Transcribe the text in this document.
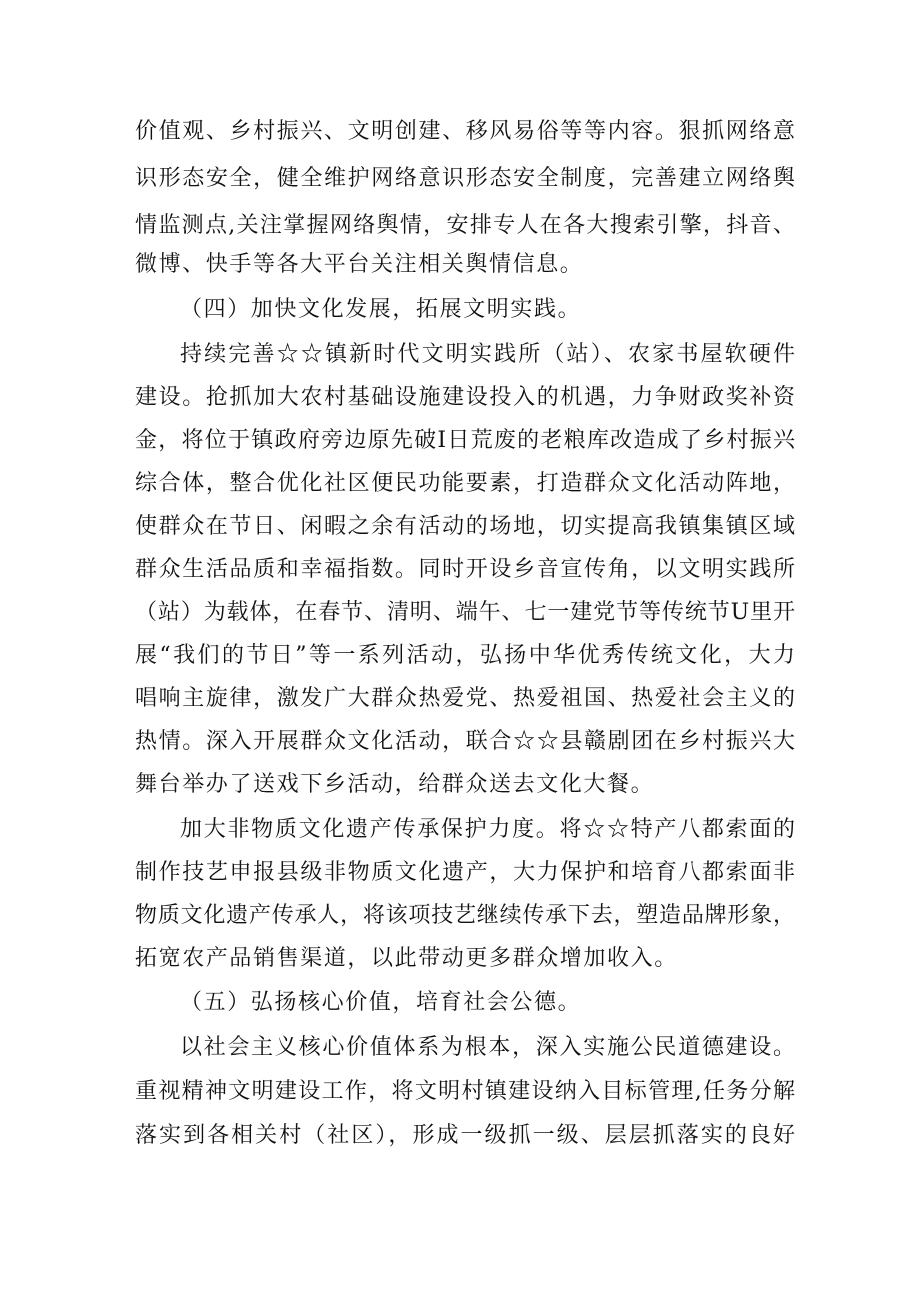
价值观、乡村振兴、文明创建、移风易俗等等内容。狠抓网络意
识形态安全，健全维护网络意识形态安全制度，完善建立网络舆
情监测点,关注掌握网络舆情，安排专人在各大搜索引擎，抖音、
微博、快手等各大平台关注相关舆情信息。
（四）加快文化发展，拓展文明实践。
持续完善☆☆镇新时代文明实践所（站）、农家书屋软硬件
建设。抢抓加大农村基础设施建设投入的机遇，力争财政奖补资
金，将位于镇政府旁边原先破I日荒废的老粮库改造成了乡村振兴
综合体，整合优化社区便民功能要素，打造群众文化活动阵地，
使群众在节日、闲暇之余有活动的场地，切实提高我镇集镇区域
群众生活品质和幸福指数。同时开设乡音宣传角，以文明实践所
（站）为载体，在春节、清明、端午、七一建党节等传统节U里开
展“我们的节日”等一系列活动，弘扬中华优秀传统文化，大力
唱响主旋律，激发广大群众热爱党、热爱祖国、热爱社会主义的
热情。深入开展群众文化活动，联合☆☆县赣剧团在乡村振兴大
舞台举办了送戏下乡活动，给群众送去文化大餐。
加大非物质文化遗产传承保护力度。将☆☆特产八都索面的
制作技艺申报县级非物质文化遗产，大力保护和培育八都索面非
物质文化遗产传承人，将该项技艺继续传承下去，塑造品牌形象，
拓宽农产品销售渠道，以此带动更多群众增加收入。
（五）弘扬核心价值，培育社会公德。
以社会主义核心价值体系为根本，深入实施公民道德建设。
重视精神文明建设工作，将文明村镇建设纳入目标管理,任务分解
落实到各相关村（社区），形成一级抓一级、层层抓落实的良好
